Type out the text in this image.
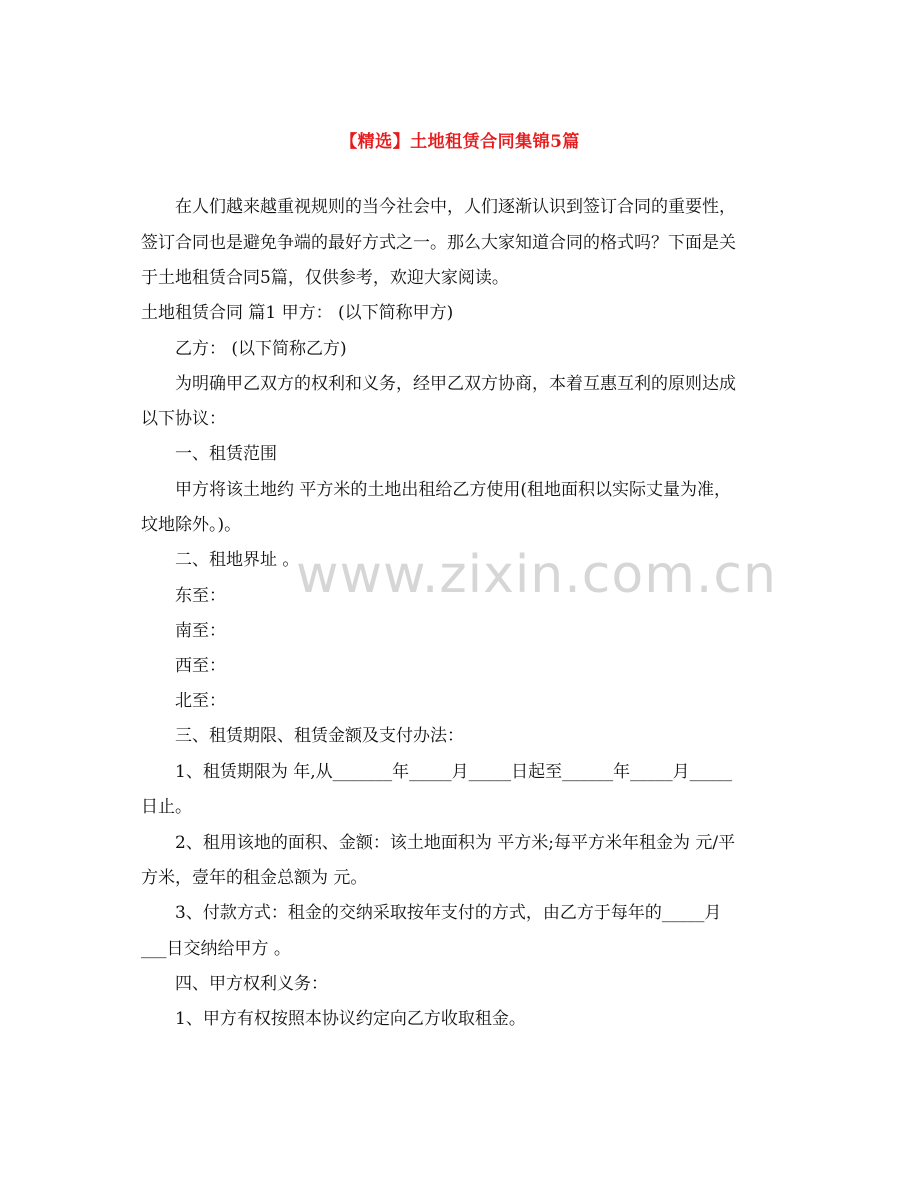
【精选】土地租赁合同集锦5篇
在人们越来越重视规则的当今社会中，人们逐渐认识到签订合同的重要性，
签订合同也是避免争端的最好方式之一。那么大家知道合同的格式吗？下面是关
于土地租赁合同5篇，仅供参考，欢迎大家阅读。
土地租赁合同 篇1 甲方： (以下简称甲方)
乙方： (以下简称乙方)
为明确甲乙双方的权利和义务，经甲乙双方协商，本着互惠互利的原则达成
以下协议：
一、租赁范围
甲方将该土地约 平方米的土地出租给乙方使用(租地面积以实际丈量为准，
坟地除外。)。
二、租地界址 。
东至：
南至：
西至：
北至：
三、租赁期限、租赁金额及支付办法：
1、租赁期限为 年,从_______年_____月_____日起至______年_____月_____
日止。
2、租用该地的面积、金额：该土地面积为 平方米;每平方米年租金为 元/平
方米，壹年的租金总额为 元。
3、付款方式：租金的交纳采取按年支付的方式，由乙方于每年的_____月
___日交纳给甲方 。
四、甲方权利义务：
1、甲方有权按照本协议约定向乙方收取租金。
www.zixin.com.cn
